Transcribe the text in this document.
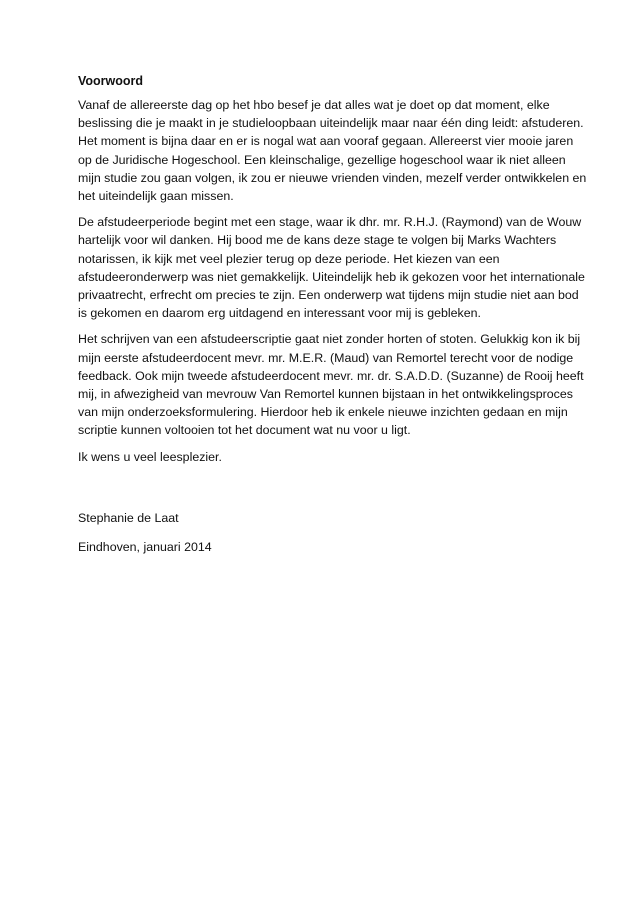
Voorwoord
Vanaf de allereerste dag op het hbo besef je dat alles wat je doet op dat moment, elke
beslissing die je maakt in je studieloopbaan uiteindelijk maar naar één ding leidt: afstuderen.
Het moment is bijna daar en er is nogal wat aan vooraf gegaan. Allereerst vier mooie jaren
op de Juridische Hogeschool. Een kleinschalige, gezellige hogeschool waar ik niet alleen
mijn studie zou gaan volgen, ik zou er nieuwe vrienden vinden, mezelf verder ontwikkelen en
het uiteindelijk gaan missen.
De afstudeerperiode begint met een stage, waar ik dhr. mr. R.H.J. (Raymond) van de Wouw
hartelijk voor wil danken. Hij bood me de kans deze stage te volgen bij Marks Wachters
notarissen, ik kijk met veel plezier terug op deze periode. Het kiezen van een
afstudeeronderwerp was niet gemakkelijk. Uiteindelijk heb ik gekozen voor het internationale
privaatrecht, erfrecht om precies te zijn. Een onderwerp wat tijdens mijn studie niet aan bod
is gekomen en daarom erg uitdagend en interessant voor mij is gebleken.
Het schrijven van een afstudeerscriptie gaat niet zonder horten of stoten. Gelukkig kon ik bij
mijn eerste afstudeerdocent mevr. mr. M.E.R. (Maud) van Remortel terecht voor de nodige
feedback. Ook mijn tweede afstudeerdocent mevr. mr. dr. S.A.D.D. (Suzanne) de Rooij heeft
mij, in afwezigheid van mevrouw Van Remortel kunnen bijstaan in het ontwikkelingsproces
van mijn onderzoeksformulering. Hierdoor heb ik enkele nieuwe inzichten gedaan en mijn
scriptie kunnen voltooien tot het document wat nu voor u ligt.
Ik wens u veel leesplezier.
Stephanie de Laat
Eindhoven, januari 2014
